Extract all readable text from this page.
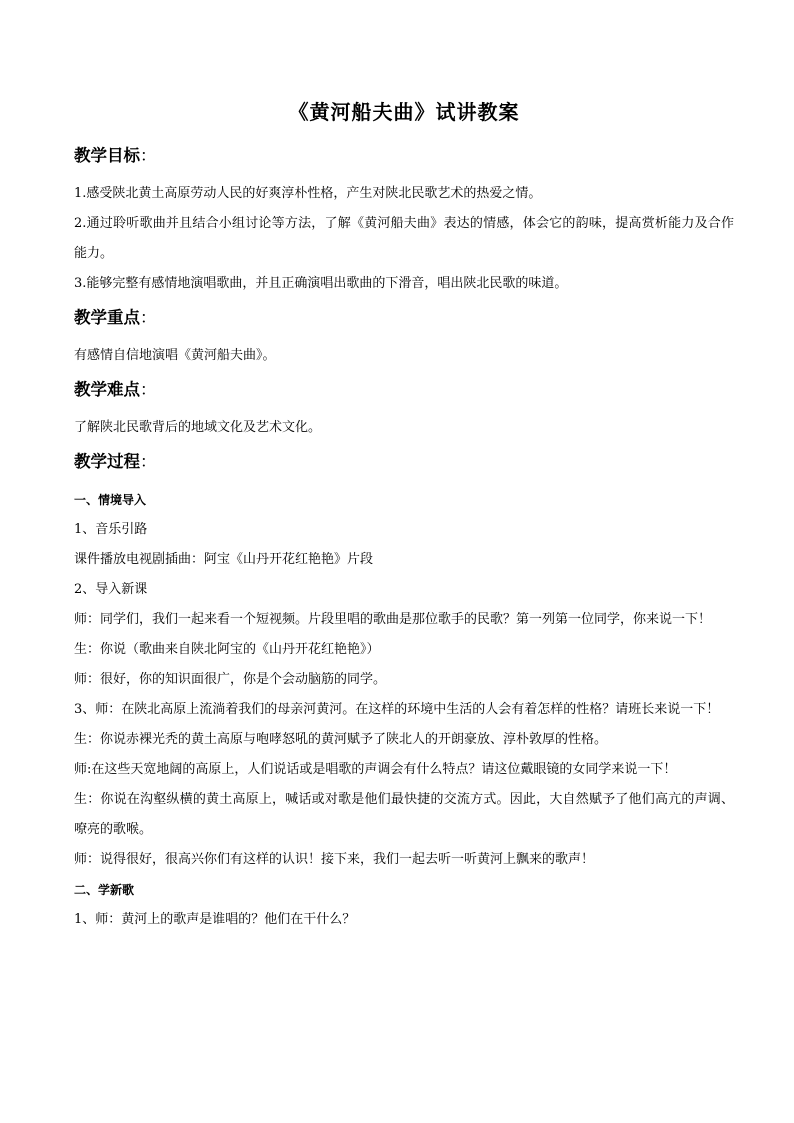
《黄河船夫曲》试讲教案
教学目标：

1.感受陕北黄土高原劳动人民的好爽淳朴性格，产生对陕北民歌艺术的热爱之情。

2.通过聆听歌曲并且结合小组讨论等方法，了解《黄河船夫曲》表达的情感，体会它的韵味，提高赏析能力及合作能力。

3.能够完整有感情地演唱歌曲，并且正确演唱出歌曲的下滑音，唱出陕北民歌的味道。

教学重点：

有感情自信地演唱《黄河船夫曲》。

教学难点：

了解陕北民歌背后的地域文化及艺术文化。

教学过程：

一、情境导入

1、音乐引路

课件播放电视剧插曲：阿宝《山丹开花红艳艳》片段

2、导入新课

师：同学们，我们一起来看一个短视频。片段里唱的歌曲是那位歌手的民歌？第一列第一位同学，你来说一下！

生：你说（歌曲来自陕北阿宝的《山丹开花红艳艳》）

师：很好，你的知识面很广，你是个会动脑筋的同学。

3、师：在陕北高原上流淌着我们的母亲河黄河。在这样的环境中生活的人会有着怎样的性格？请班长来说一下！

生：你说赤裸光秃的黄土高原与咆哮怒吼的黄河赋予了陕北人的开朗豪放、淳朴敦厚的性格。

师:在这些天宽地阔的高原上，人们说话或是唱歌的声调会有什么特点？请这位戴眼镜的女同学来说一下！

生：你说在沟壑纵横的黄土高原上，喊话或对歌是他们最快捷的交流方式。因此，大自然赋予了他们高亢的声调、嘹亮的歌喉。

师：说得很好，很高兴你们有这样的认识！接下来，我们一起去听一听黄河上飘来的歌声！

二、学新歌

1、师：黄河上的歌声是谁唱的？他们在干什么？
